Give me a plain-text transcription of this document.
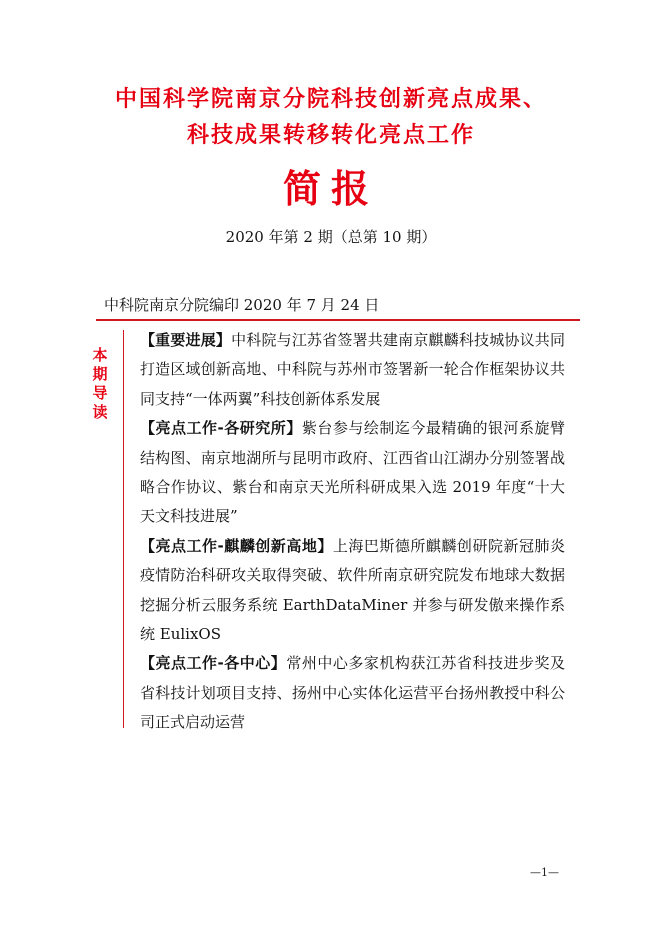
中国科学院南京分院科技创新亮点成果、
科技成果转移转化亮点工作
简报
2020 年第 2 期（总第 10 期）
中科院南京分院编印 2020 年 7 月 24 日
本
期
导
读

【重要进展】中科院与江苏省签署共建南京麒麟科技城协议共同打造区域创新高地、中科院与苏州市签署新一轮合作框架协议共同支持“一体两翼”科技创新体系发展

【亮点工作-各研究所】紫台参与绘制迄今最精确的银河系旋臂结构图、南京地湖所与昆明市政府、江西省山江湖办分别签署战略合作协议、紫台和南京天光所科研成果入选 2019 年度“十大天文科技进展”

【亮点工作-麒麟创新高地】上海巴斯德所麒麟创研院新冠肺炎疫情防治科研攻关取得突破、软件所南京研究院发布地球大数据挖掘分析云服务系统 EarthDataMiner 并参与研发傲来操作系统 EulixOS

【亮点工作-各中心】常州中心多家机构获江苏省科技进步奖及省科技计划项目支持、扬州中心实体化运营平台扬州教授中科公司正式启动运营

—1—
